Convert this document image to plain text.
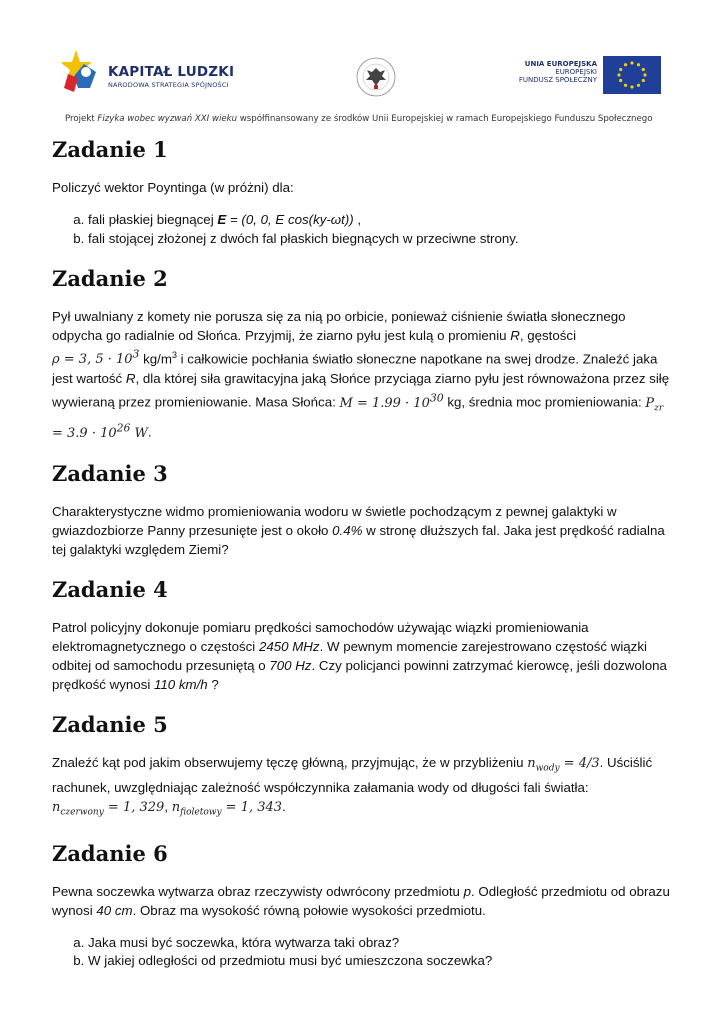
KAPITAŁ LUDZKI
NARODOWA STRATEGIA SPÓJNOŚCI
UNIA EUROPEJSKA
EUROPEJSKI
FUNDUSZ SPOŁECZNY
Projekt Fizyka wobec wyzwań XXI wieku współfinansowany ze środków Unii Europejskiej w ramach Europejskiego Funduszu Społecznego
Zadanie 1

Policzyć wektor Poyntinga (w próżni) dla:

a. fali płaskiej biegnącej E = (0, 0, E cos(ky-ωt)) ,
b. fali stojącej złożonej z dwóch fal płaskich biegnących w przeciwne strony.
Zadanie 2

Pył uwalniany z komety nie porusza się za nią po orbicie, ponieważ ciśnienie światła słonecznego odpycha go radialnie od Słońca. Przyjmij, że ziarno pyłu jest kulą o promieniu R, gęstości
ρ = 3, $5 \cdot 10^3$ $kg/m^3$ i całkowicie pochłania światło słoneczne napotkane na swej drodze. Znaleźć jaka jest wartość R, dla której siła grawitacyjna jaką Słońce przyciąga ziarno pyłu jest równoważona przez siłę wywieraną przez promieniowanie. Masa Słońca: $M = 1.99 \cdot 10^{30}$ kg, średnia moc promieniowania: $P_{zr} = 3.9 \cdot 10^{26}$ W.

Zadanie 3

Charakterystyczne widmo promieniowania wodoru w świetle pochodzącym z pewnej galaktyki w gwiazdozbiorze Panny przesunięte jest o około 0.4% w stronę dłuższych fal. Jaka jest prędkość radialna tej galaktyki względem Ziemi?

Zadanie 4

Patrol policyjny dokonuje pomiaru prędkości samochodów używając wiązki promieniowania elektromagnetycznego o częstości 2450 MHz. W pewnym momencie zarejestrowano częstość wiązki odbitej od samochodu przesuniętą o 700 Hz. Czy policjanci powinni zatrzymać kierowcę, jeśli dozwolona prędkość wynosi 110 km/h ?

Zadanie 5

Znaleźć kąt pod jakim obserwujemy tęczę główną, przyjmując, że w przybliżeniu $n_{wody} = 4/3$. Uściślić rachunek, uwzględniając zależność współczynnika załamania wody od długości fali światła:
$n_{czerwony} = 1$, 329, $n_{fioletowy} = 1$, 343.

Zadanie 6

Pewna soczewka wytwarza obraz rzeczywisty odwrócony przedmiotu p. Odległość przedmiotu od obrazu wynosi 40 cm. Obraz ma wysokość równą połowie wysokości przedmiotu.

a. Jaka musi być soczewka, która wytwarza taki obraz?
b. W jakiej odległości od przedmiotu musi być umieszczona soczewka?
